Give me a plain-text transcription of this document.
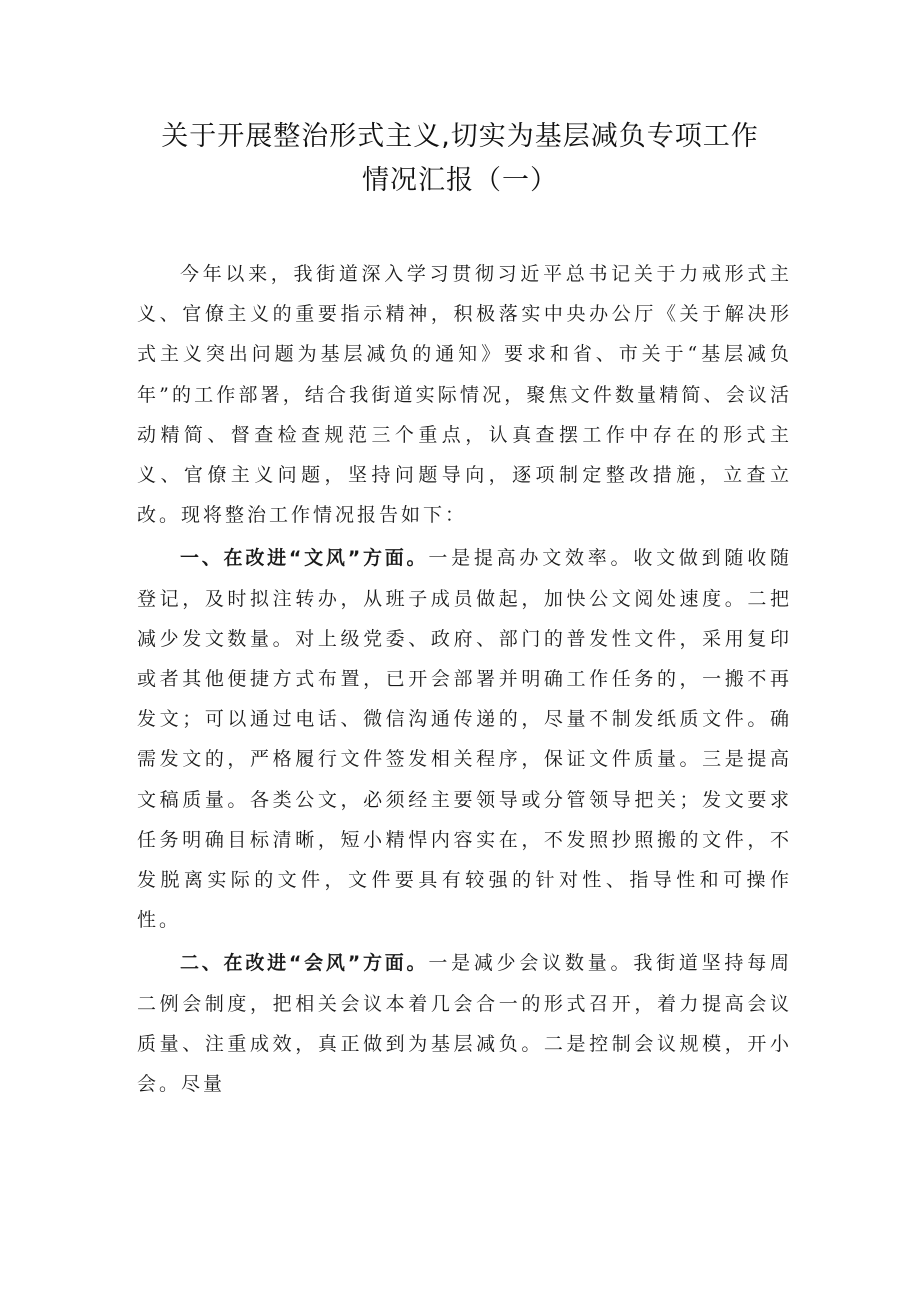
关于开展整治形式主义,切实为基层减负专项工作
情况汇报（一）

今年以来，我街道深入学习贯彻习近平总书记关于力戒形式主义、官僚主义的重要指示精神，积极落实中央办公厅《关于解决形式主义突出问题为基层减负的通知》要求和省、市关于“基层减负年”的工作部署，结合我街道实际情况，聚焦文件数量精简、会议活动精简、督查检查规范三个重点，认真查摆工作中存在的形式主义、官僚主义问题，坚持问题导向，逐项制定整改措施，立查立改。现将整治工作情况报告如下：

一、在改进“文风”方面。一是提高办文效率。收文做到随收随登记，及时拟注转办，从班子成员做起，加快公文阅处速度。二把减少发文数量。对上级党委、政府、部门的普发性文件，采用复印或者其他便捷方式布置，已开会部署并明确工作任务的，一搬不再发文；可以通过电话、微信沟通传递的，尽量不制发纸质文件。确需发文的，严格履行文件签发相关程序，保证文件质量。三是提高文稿质量。各类公文，必须经主要领导或分管领导把关；发文要求任务明确目标清晰，短小精悍内容实在，不发照抄照搬的文件，不发脱离实际的文件，文件要具有较强的针对性、指导性和可操作性。

二、在改进“会风”方面。一是减少会议数量。我街道坚持每周二例会制度，把相关会议本着几会合一的形式召开，着力提高会议质量、注重成效，真正做到为基层减负。二是控制会议规模，开小会。尽量
